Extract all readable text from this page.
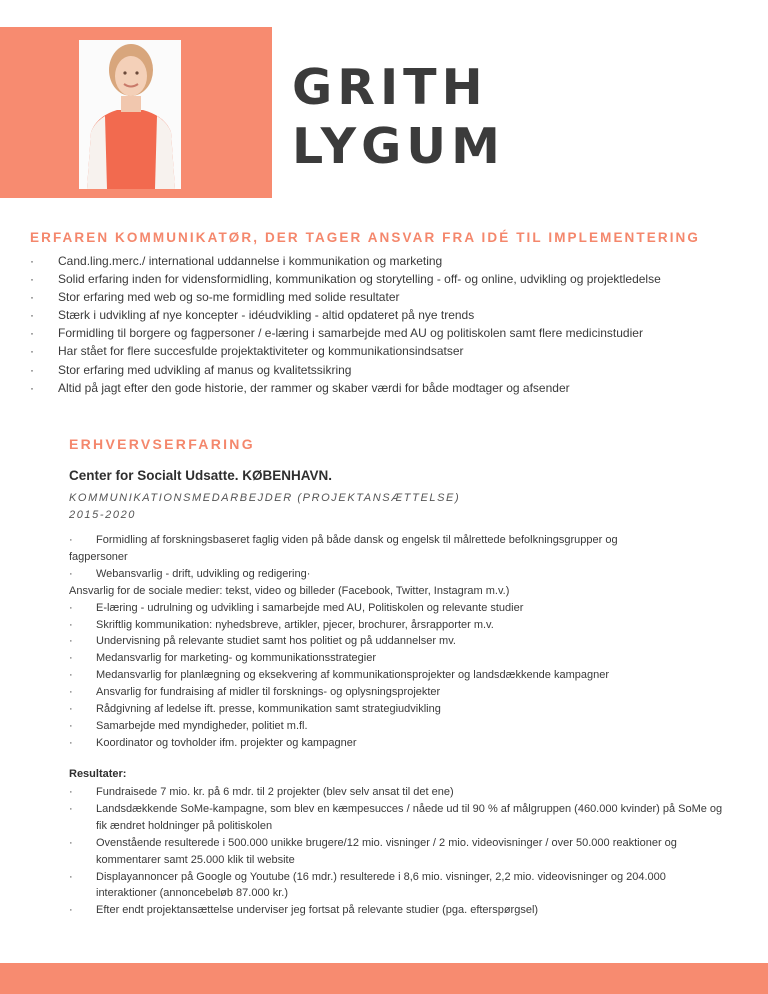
GRITH
LYGUM
ERFAREN KOMMUNIKATØR, DER TAGER ANSVAR FRA IDÉ TIL IMPLEMENTERING
· Cand.ling.merc./ international uddannelse i kommunikation og marketing
· Solid erfaring inden for vidensformidling, kommunikation og storytelling - off- og online, udvikling og projektledelse
· Stor erfaring med web og so-me formidling med solide resultater
· Stærk i udvikling af nye koncepter - idéudvikling - altid opdateret på nye trends
· Formidling til borgere og fagpersoner / e-læring i samarbejde med AU og politiskolen samt flere medicinstudier
· Har stået for flere succesfulde projektaktiviteter og kommunikationsindsatser
· Stor erfaring med udvikling af manus og kvalitetssikring
· Altid på jagt efter den gode historie, der rammer og skaber værdi for både modtager og afsender
ERHVERVSERFARING
Center for Socialt Udsatte. KØBENHAVN.
KOMMUNIKATIONSMEDARBEJDER (PROJEKTANSÆTTELSE)
2015-2020
· Formidling af forskningsbaseret faglig viden på både dansk og engelsk til målrettede befolkningsgrupper og
fagpersoner
· Webansvarlig - drift, udvikling og redigering·
Ansvarlig for de sociale medier: tekst, video og billeder (Facebook, Twitter, Instagram m.v.)
· E-læring - udrulning og udvikling i samarbejde med AU, Politiskolen og relevante studier
· Skriftlig kommunikation: nyhedsbreve, artikler, pjecer, brochurer, årsrapporter m.v.
· Undervisning på relevante studiet samt hos politiet og på uddannelser mv.
· Medansvarlig for marketing- og kommunikationsstrategier
· Medansvarlig for planlægning og eksekvering af kommunikationsprojekter og landsdækkende kampagner
· Ansvarlig for fundraising af midler til forsknings- og oplysningsprojekter
· Rådgivning af ledelse ift. presse, kommunikation samt strategiudvikling
· Samarbejde med myndigheder, politiet m.fl.
· Koordinator og tovholder ifm. projekter og kampagner
Resultater:
· Fundraisede 7 mio. kr. på 6 mdr. til 2 projekter (blev selv ansat til det ene)
· Landsdækkende SoMe-kampagne, som blev en kæmpesucces / nåede ud til 90 % af målgruppen (460.000 kvinder) på SoMe og fik ændret holdninger på politiskolen
· Ovenstående resulterede i 500.000 unikke brugere/12 mio. visninger / 2 mio. videovisninger / over 50.000 reaktioner og kommentarer samt 25.000 klik til website
· Displayannoncer på Google og Youtube (16 mdr.) resulterede i 8,6 mio. visninger, 2,2 mio. videovisninger og 204.000 interaktioner (annoncebeløb 87.000 kr.)
· Efter endt projektansættelse underviser jeg fortsat på relevante studier (pga. efterspørgsel)
